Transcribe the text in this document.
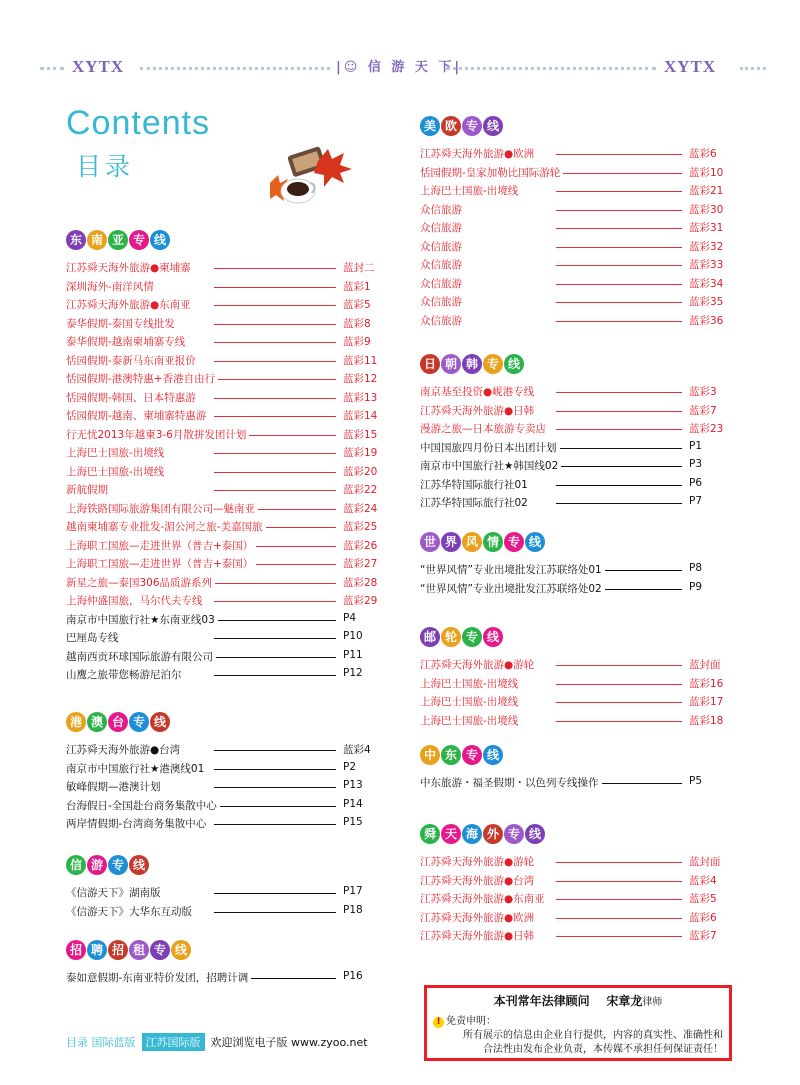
XYTX	|☺ 信 游 天 下|	XYTX
Contents
目录
东 南 亚 专 线
江苏舜天海外旅游●柬埔寨	蓝封二
深圳海外-南洋风情	蓝彩1
江苏舜天海外旅游●东南亚	蓝彩5
泰华假期-泰国专线批发	蓝彩8
泰华假期-越南柬埔寨专线	蓝彩9
恬园假期-泰新马东南亚报价	蓝彩11
恬园假期-港澳特惠+香港自由行	蓝彩12
恬园假期-韩国、日本特惠游	蓝彩13
恬园假期-越南、柬埔寨特惠游	蓝彩14
行无忧2013年越柬3-6月散拼发团计划	蓝彩15
上海巴士国旅-出境线	蓝彩19
上海巴士国旅-出境线	蓝彩20
新航假期	蓝彩22
上海铁路国际旅游集团有限公司—魅南亚	蓝彩24
越南柬埔寨专业批发-湄公河之旅-美嘉国旅	蓝彩25
上海职工国旅—走进世界（普吉+泰国）	蓝彩26
上海职工国旅—走进世界（普吉+泰国）	蓝彩27
新星之旅—泰国306品质游系列	蓝彩28
上海仲盛国旅，马尔代夫专线	蓝彩29
南京市中国旅行社★东南亚线03	P4
巴厘岛专线	P10
越南西贡环球国际旅游有限公司	P11
山鹰之旅带您畅游尼泊尔	P12
港 澳 台 专 线
江苏舜天海外旅游●台湾	蓝彩4
南京市中国旅行社★港澳线01	P2
敏峰假期—港澳计划	P13
台海假日-全国赴台商务集散中心	P14
两岸情假期-台湾商务集散中心	P15
信 游 专 线
《信游天下》湖南版	P17
《信游天下》大华东互动版	P18
招 聘 招 租 专 线
泰如意假期-东南亚特价发团，招聘计调	P16
美 欧 专 线
江苏舜天海外旅游●欧洲	蓝彩6
恬园假期-皇家加勒比国际游轮	蓝彩10
上海巴士国旅-出境线	蓝彩21
众信旅游	蓝彩30
众信旅游	蓝彩31
众信旅游	蓝彩32
众信旅游	蓝彩33
众信旅游	蓝彩34
众信旅游	蓝彩35
众信旅游	蓝彩36
日 朝 韩 专 线
南京基至投资●岘港专线	蓝彩3
江苏舜天海外旅游●日韩	蓝彩7
漫游之旅—日本旅游专卖店	蓝彩23
中国国旅四月份日本出团计划	P1
南京市中国旅行社★韩国线02	P3
江苏华特国际旅行社01	P6
江苏华特国际旅行社02	P7
世 界 风 情 专 线
“世界风情”专业出境批发江苏联络处01	P8
“世界风情”专业出境批发江苏联络处02	P9
邮 轮 专 线
江苏舜天海外旅游●游轮	蓝封面
上海巴士国旅-出境线	蓝彩16
上海巴士国旅-出境线	蓝彩17
上海巴士国旅-出境线	蓝彩18
中 东 专 线
中东旅游・福圣假期・以色列专线操作	P5
舜 天 海 外 专 线
江苏舜天海外旅游●游轮	蓝封面
江苏舜天海外旅游●台湾	蓝彩4
江苏舜天海外旅游●东南亚	蓝彩5
江苏舜天海外旅游●欧洲	蓝彩6
江苏舜天海外旅游●日韩	蓝彩7
本刊常年法律顾问 宋章龙律师
! 免责申明：
所有展示的信息由企业自行提供，内容的真实性、准确性和合法性由发布企业负责，本传媒不承担任何保证责任！
目录 国际蓝版 江苏国际版 欢迎浏览电子版 www.zyoo.net
